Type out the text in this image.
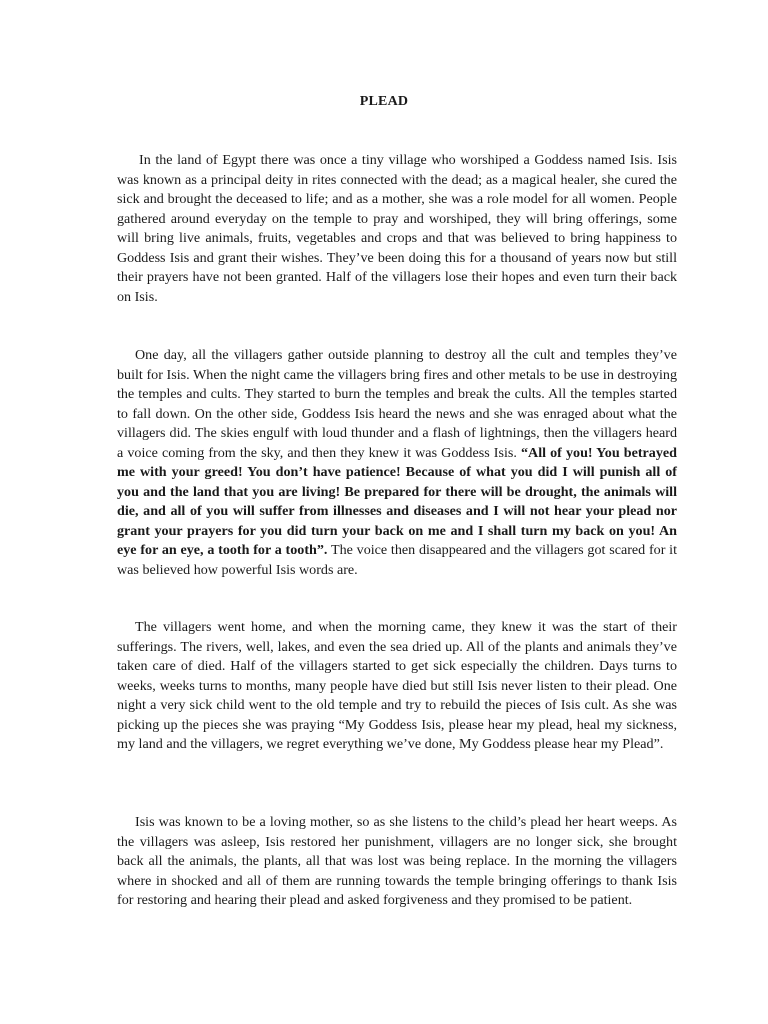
PLEAD

In the land of Egypt there was once a tiny village who worshiped a Goddess named Isis. Isis was known as a principal deity in rites connected with the dead; as a magical healer, she cured the sick and brought the deceased to life; and as a mother, she was a role model for all women. People gathered around everyday on the temple to pray and worshiped, they will bring offerings, some will bring live animals, fruits, vegetables and crops and that was believed to bring happiness to Goddess Isis and grant their wishes. They’ve been doing this for a thousand of years now but still their prayers have not been granted. Half of the villagers lose their hopes and even turn their back on Isis.

One day, all the villagers gather outside planning to destroy all the cult and temples they’ve built for Isis. When the night came the villagers bring fires and other metals to be use in destroying the temples and cults. They started to burn the temples and break the cults. All the temples started to fall down. On the other side, Goddess Isis heard the news and she was enraged about what the villagers did. The skies engulf with loud thunder and a flash of lightnings, then the villagers heard a voice coming from the sky, and then they knew it was Goddess Isis. “All of you! You betrayed me with your greed! You don’t have patience! Because of what you did I will punish all of you and the land that you are living! Be prepared for there will be drought, the animals will die, and all of you will suffer from illnesses and diseases and I will not hear your plead nor grant your prayers for you did turn your back on me and I shall turn my back on you! An eye for an eye, a tooth for a tooth”. The voice then disappeared and the villagers got scared for it was believed how powerful Isis words are.

The villagers went home, and when the morning came, they knew it was the start of their sufferings. The rivers, well, lakes, and even the sea dried up. All of the plants and animals they’ve taken care of died. Half of the villagers started to get sick especially the children. Days turns to weeks, weeks turns to months, many people have died but still Isis never listen to their plead. One night a very sick child went to the old temple and try to rebuild the pieces of Isis cult. As she was picking up the pieces she was praying “My Goddess Isis, please hear my plead, heal my sickness, my land and the villagers, we regret everything we’ve done, My Goddess please hear my Plead”.

Isis was known to be a loving mother, so as she listens to the child’s plead her heart weeps. As the villagers was asleep, Isis restored her punishment, villagers are no longer sick, she brought back all the animals, the plants, all that was lost was being replace. In the morning the villagers where in shocked and all of them are running towards the temple bringing offerings to thank Isis for restoring and hearing their plead and asked forgiveness and they promised to be patient.
